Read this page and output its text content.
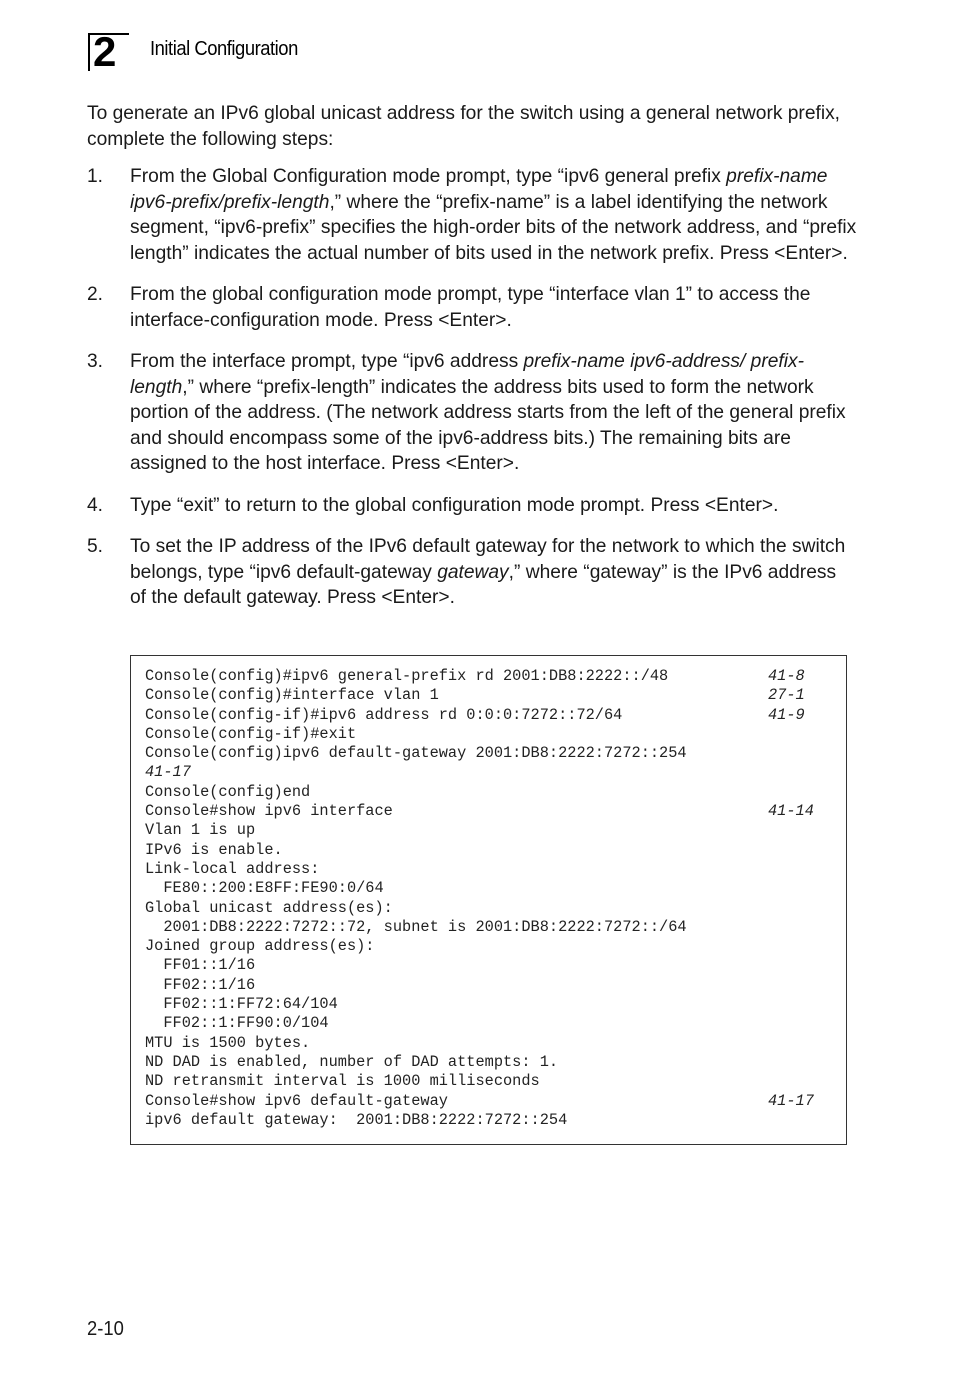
2 Initial Configuration

To generate an IPv6 global unicast address for the switch using a general network prefix, complete the following steps:

1. From the Global Configuration mode prompt, type “ipv6 general prefix prefix-name ipv6-prefix/prefix-length,” where the “prefix-name” is a label identifying the network segment, “ipv6-prefix” specifies the high-order bits of the network address, and “prefix length” indicates the actual number of bits used in the network prefix. Press <Enter>.
2. From the global configuration mode prompt, type “interface vlan 1” to access the interface-configuration mode. Press <Enter>.
3. From the interface prompt, type “ipv6 address prefix-name ipv6-address/ prefix-length,” where “prefix-length” indicates the address bits used to form the network portion of the address. (The network address starts from the left of the general prefix and should encompass some of the ipv6-address bits.) The remaining bits are assigned to the host interface. Press <Enter>.
4. Type “exit” to return to the global configuration mode prompt. Press <Enter>.
5. To set the IP address of the IPv6 default gateway for the network to which the switch belongs, type “ipv6 default-gateway gateway,” where “gateway” is the IPv6 address of the default gateway. Press <Enter>.
Console(config)#ipv6 general-prefix rd 2001:DB8:2222::/48	41-8
Console(config)#interface vlan 1	27-1
Console(config-if)#ipv6 address rd 0:0:0:7272::72/64	41-9
Console(config-if)#exit
Console(config)ipv6 default-gateway 2001:DB8:2222:7272::254
41-17
Console(config)end
Console#show ipv6 interface	41-14
Vlan 1 is up
IPv6 is enable.
Link-local address:
FE80::200:E8FF:FE90:0/64
Global unicast address(es):
2001:DB8:2222:7272::72, subnet is 2001:DB8:2222:7272::/64
Joined group address(es):
FF01::1/16
FF02::1/16
FF02::1:FF72:64/104
FF02::1:FF90:0/104
MTU is 1500 bytes.
ND DAD is enabled, number of DAD attempts: 1.
ND retransmit interval is 1000 milliseconds
Console#show ipv6 default-gateway	41-17
ipv6 default gateway:  2001:DB8:2222:7272::254
2-10
